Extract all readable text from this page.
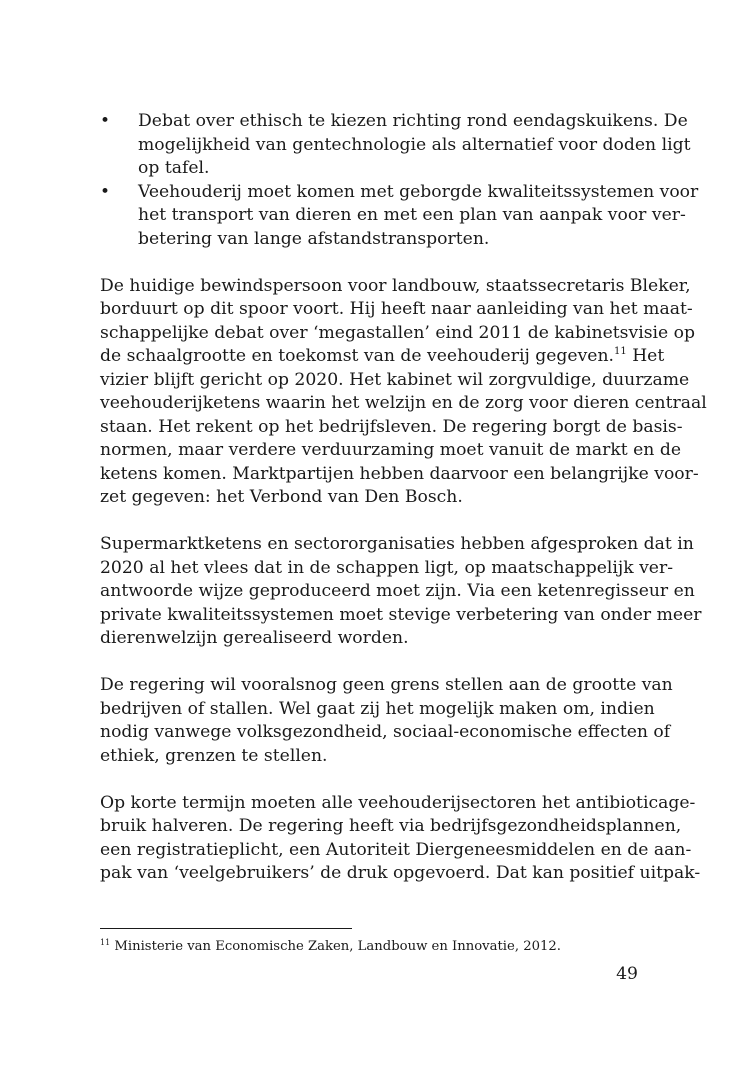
• Debat over ethisch te kiezen richting rond eendagskuikens. De
mogelijkheid van gentechnologie als alternatief voor doden ligt
op tafel.
• Veehouderij moet komen met geborgde kwaliteitssystemen voor
het transport van dieren en met een plan van aanpak voor ver-
betering van lange afstandstransporten.
De huidige bewindspersoon voor landbouw, staatssecretaris Bleker,
borduurt op dit spoor voort. Hij heeft naar aanleiding van het maat-
schappelijke debat over ‘megastallen’ eind 2011 de kabinetsvisie op
de schaalgrootte en toekomst van de veehouderij gegeven.$^{11}$ Het
vizier blijft gericht op 2020. Het kabinet wil zorgvuldige, duurzame
veehouderijketens waarin het welzijn en de zorg voor dieren centraal
staan. Het rekent op het bedrijfsleven. De regering borgt de basis-
normen, maar verdere verduurzaming moet vanuit de markt en de
ketens komen. Marktpartijen hebben daarvoor een belangrijke voor-
zet gegeven: het Verbond van Den Bosch.
Supermarktketens en sectororganisaties hebben afgesproken dat in
2020 al het vlees dat in de schappen ligt, op maatschappelijk ver-
antwoorde wijze geproduceerd moet zijn. Via een ketenregisseur en
private kwaliteitssystemen moet stevige verbetering van onder meer
dierenwelzijn gerealiseerd worden.
De regering wil vooralsnog geen grens stellen aan de grootte van
bedrijven of stallen. Wel gaat zij het mogelijk maken om, indien
nodig vanwege volksgezondheid, sociaal-economische effecten of
ethiek, grenzen te stellen.
Op korte termijn moeten alle veehouderijsectoren het antibioticage-
bruik halveren. De regering heeft via bedrijfsgezondheidsplannen,
een registratieplicht, een Autoriteit Diergeneesmiddelen en de aan-
pak van ‘veelgebruikers’ de druk opgevoerd. Dat kan positief uitpak-
$^{11}$ Ministerie van Economische Zaken, Landbouw en Innovatie, 2012.
49
